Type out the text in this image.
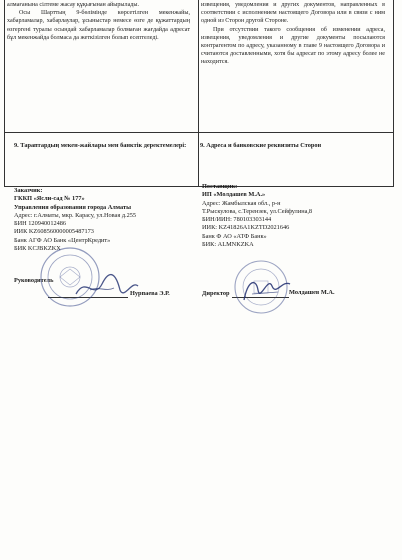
алмағанына сілтеме жасау құқығынан айырылады.

Осы Шарттың 9-бөлімінде көрсетілген мекенжайы, хабарламалар, хабарлаулар, ұсыныстар немесе өзге де құжаттардың өзгергені туралы осындай хабарламалар болмаған жағдайда адресат бұл мекенжайда болмаса да жеткізілген болып есептеледі.

извещения, уведомления и других документов, направленных в соответствии с исполнением настоящего Договора или в связи с ним одной из Сторон другой Стороне.

При отсутствии такого сообщения об изменении адреса, извещения, уведомления и другие документы посылаются контрагентом по адресу, указанному в главе 9 настоящего Договора и считаются доставленными, хотя бы адресат по этому адресу более не находится.

9. Тараптардың мекен-жайлары мен банктік деректемелері:	9. Адреса и банковские реквизиты Сторон
Заказчик:
ГККП «Ясли-сад № 177»
Управления образования города Алматы
Адрес: г.Алматы, мкр. Карасу, ул.Новая д.255
БИН 120940012486
ИИК KZ608560000005487173
Банк АГФ АО Банк «ЦентрКредит»
БИК KCJBKZKX
Руководитель
Нурпаева Э.Р.
Поставщик:
ИП «Молдашев М.А.»
Адрес: Жамбылская обл., р-н
Т.Рыскулова, с.Терензек, ул.Сейфулина,8
БИН/ИИН: 780103303144
ИИК: KZ41826A1KZTD2021646
Банк Ф АО «АТФ Банк»
БИК: ALMNKZKA
Директор	Молдашев М.А.
